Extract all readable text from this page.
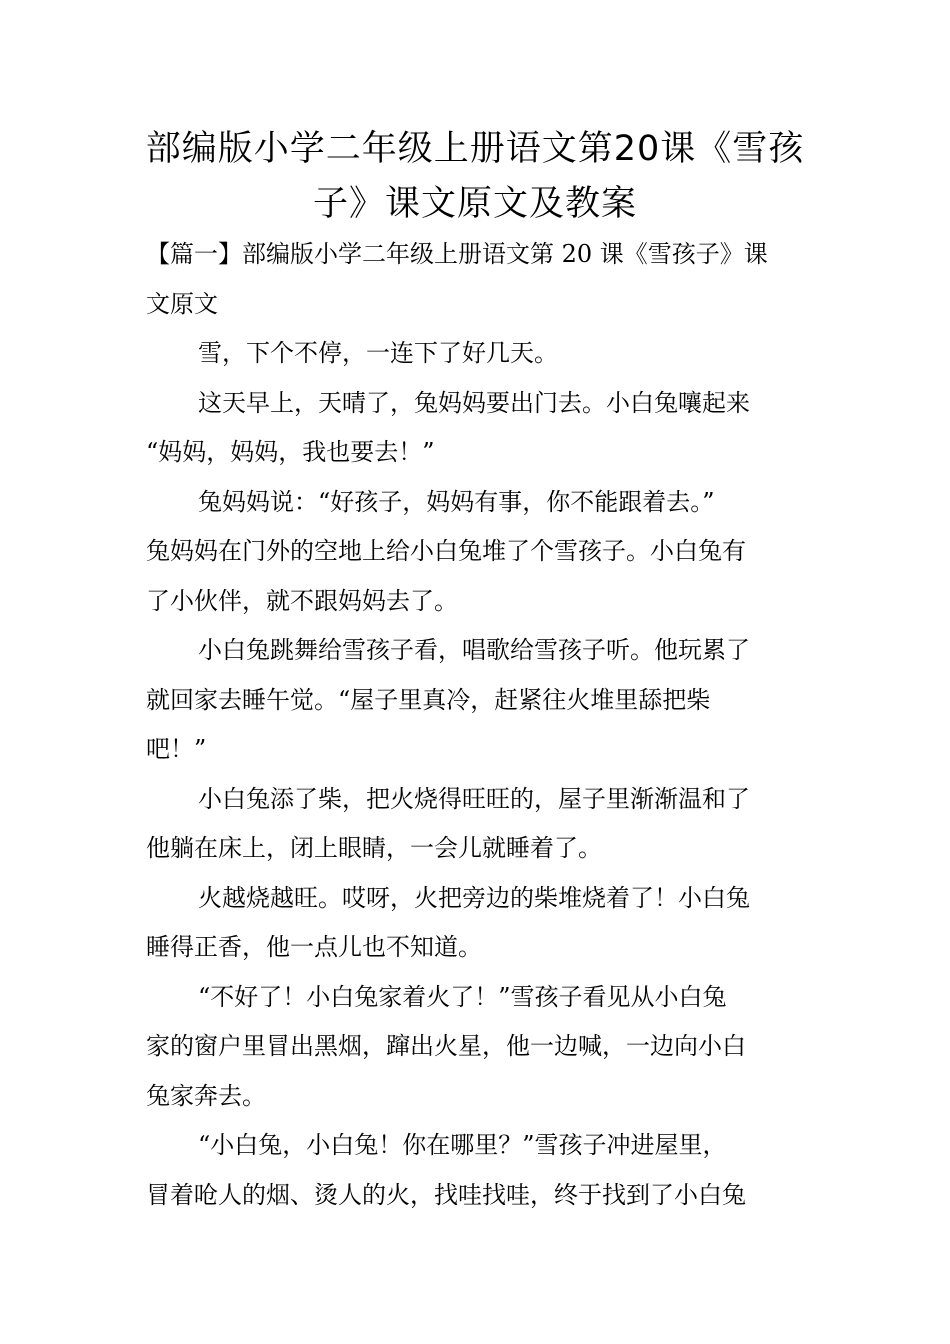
部编版小学二年级上册语文第20课《雪孩
子》课文原文及教案

【篇一】部编版小学二年级上册语文第 20 课《雪孩子》课
文原文

雪，下个不停，一连下了好几天。

这天早上，天晴了，兔妈妈要出门去。小白兔嚷起来
“妈妈，妈妈，我也要去！”

兔妈妈说：“好孩子，妈妈有事，你不能跟着去。”
兔妈妈在门外的空地上给小白兔堆了个雪孩子。小白兔有
了小伙伴，就不跟妈妈去了。

小白兔跳舞给雪孩子看，唱歌给雪孩子听。他玩累了
就回家去睡午觉。“屋子里真冷，赶紧往火堆里舔把柴
吧！”

小白兔添了柴，把火烧得旺旺的，屋子里渐渐温和了
他躺在床上，闭上眼睛，一会儿就睡着了。

火越烧越旺。哎呀，火把旁边的柴堆烧着了！小白兔
睡得正香，他一点儿也不知道。

“不好了！小白兔家着火了！”雪孩子看见从小白兔
家的窗户里冒出黑烟，蹿出火星，他一边喊，一边向小白
兔家奔去。

“小白兔，小白兔！你在哪里？”雪孩子冲进屋里，
冒着呛人的烟、烫人的火，找哇找哇，终于找到了小白兔
